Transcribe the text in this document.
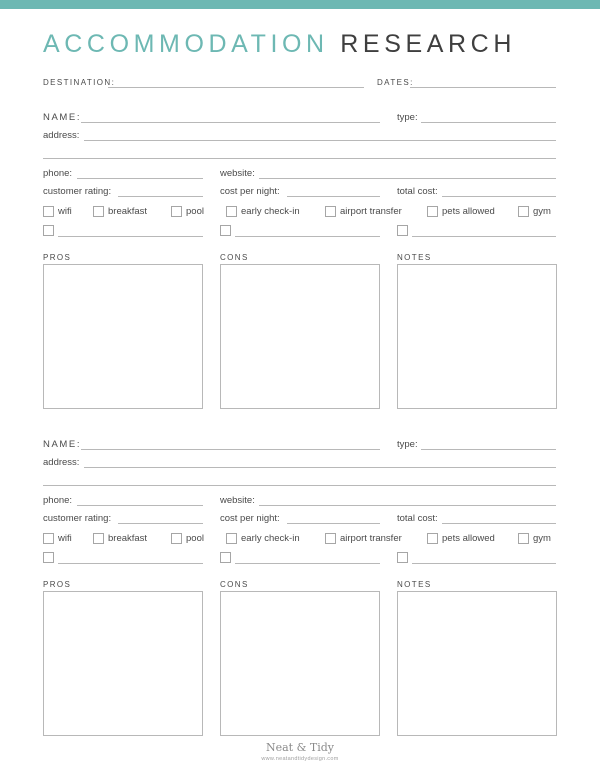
ACCOMMODATION RESEARCH
DESTINATION:	DATES:
NAME:	type:
address:
phone:	website:
customer rating:	cost per night:	total cost:
wifi	breakfast	pool	early check-in	airport transfer	pets allowed	gym
PROS	CONS	NOTES
NAME:	type:
address:
phone:	website:
customer rating:	cost per night:	total cost:
wifi	breakfast	pool	early check-in	airport transfer	pets allowed	gym
PROS	CONS	NOTES
Neat & Tidy
www.neatandtidydesign.com
